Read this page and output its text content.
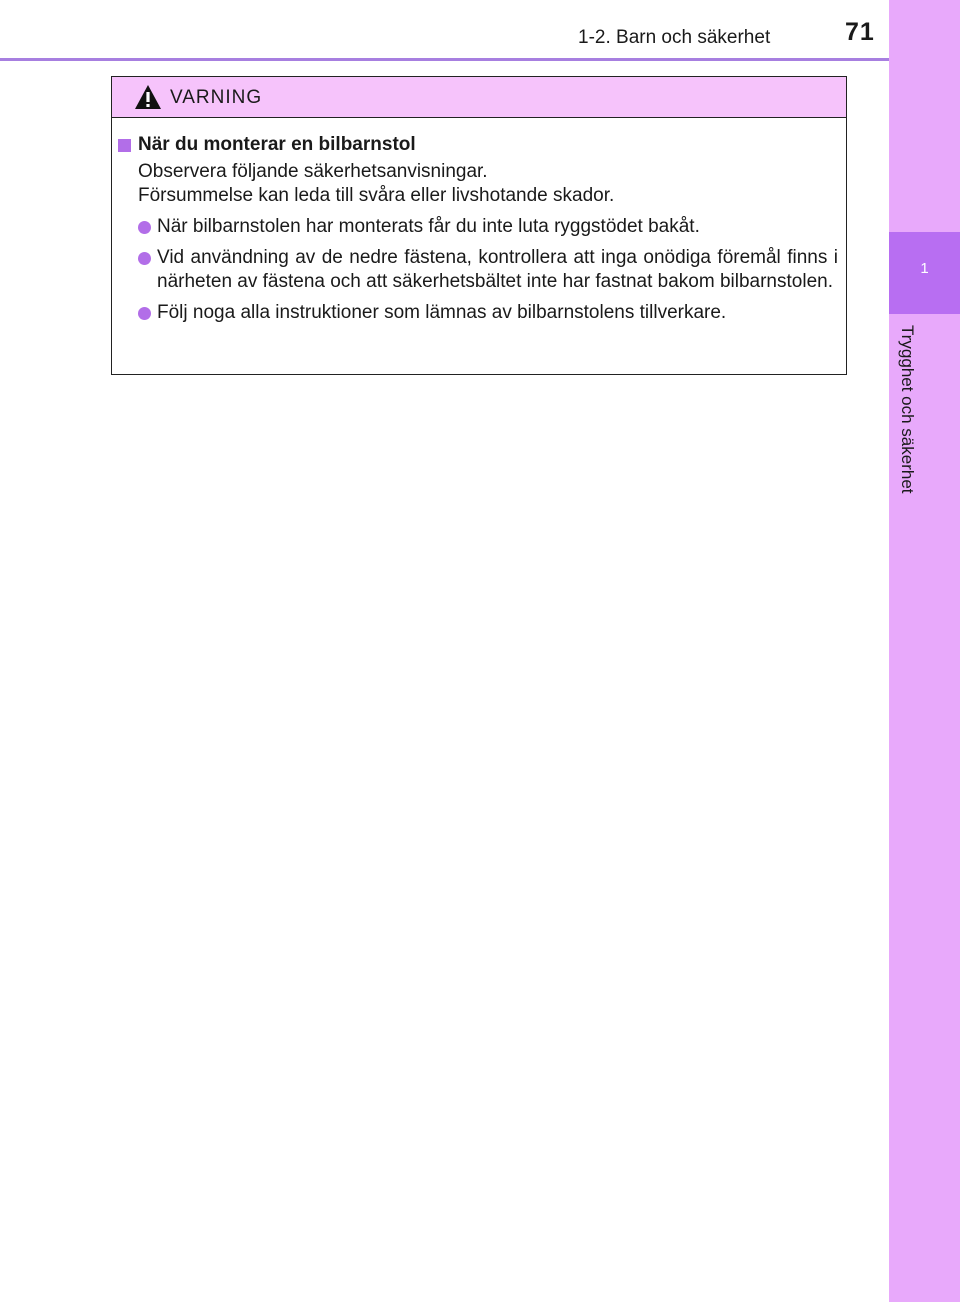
1
Trygghet och säkerhet
1-2. Barn och säkerhet	71
VARNING
När du monterar en bilbarnstol
Observera följande säkerhetsanvisningar.
Försummelse kan leda till svåra eller livshotande skador.
När bilbarnstolen har monterats får du inte luta ryggstödet bakåt.
Vid användning av de nedre fästena, kontrollera att inga onödiga föremål finns i närheten av fästena och att säkerhetsbältet inte har fastnat bakom bilbarnstolen.
Följ noga alla instruktioner som lämnas av bilbarnstolens tillverkare.
